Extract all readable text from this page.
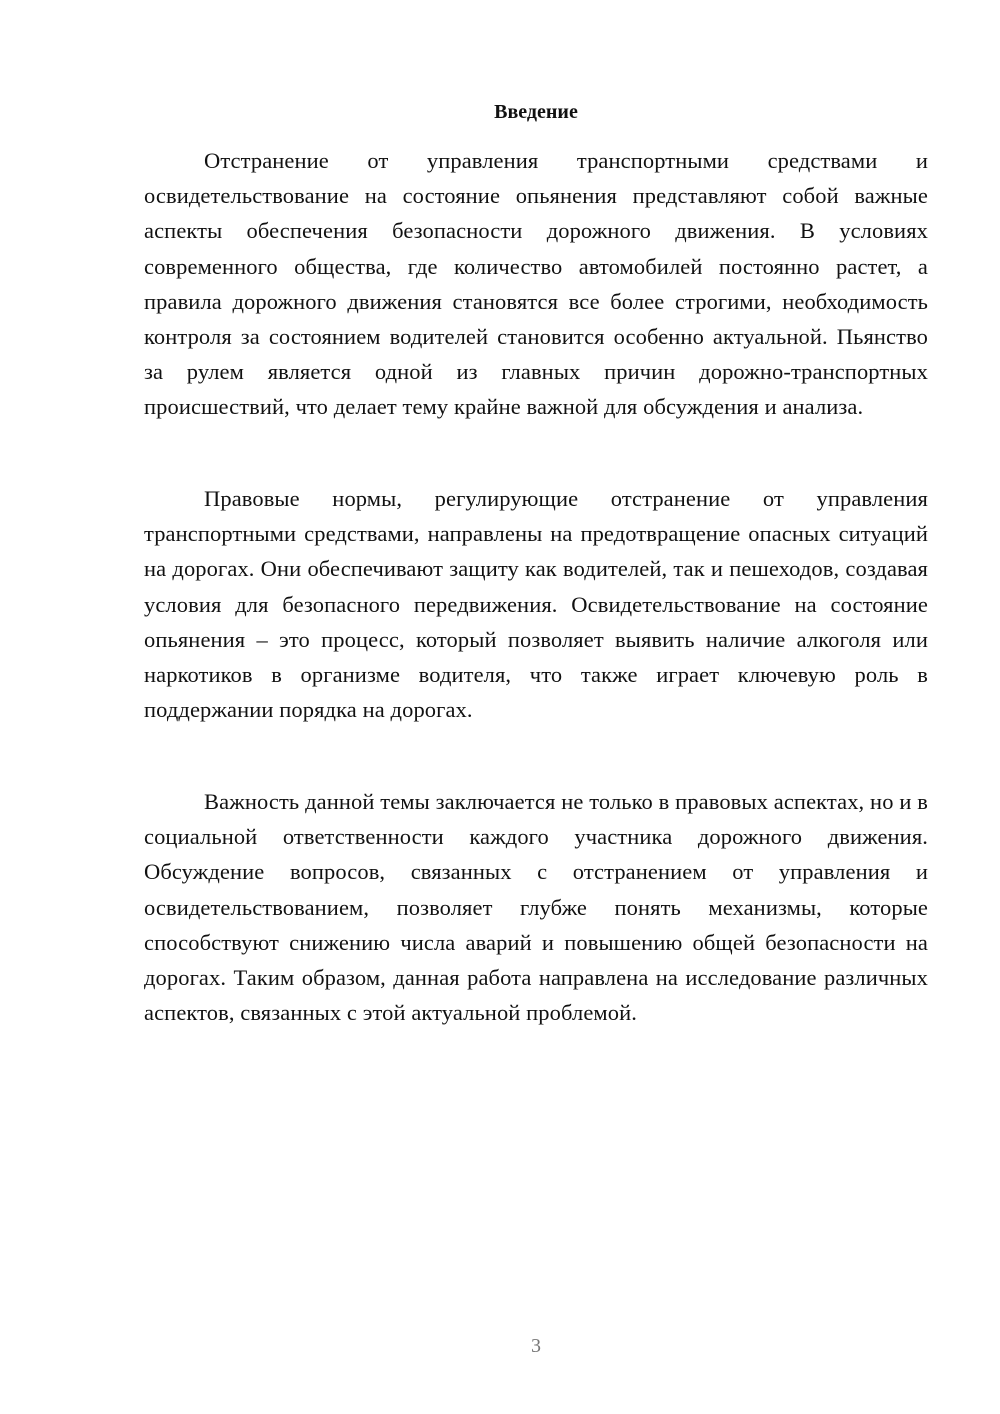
Введение

Отстранение от управления транспортными средствами и освидетельствование на состояние опьянения представляют собой важные аспекты обеспечения безопасности дорожного движения. В условиях современного общества, где количество автомобилей постоянно растет, а правила дорожного движения становятся все более строгими, необходимость контроля за состоянием водителей становится особенно актуальной. Пьянство за рулем является одной из главных причин дорожно-транспортных происшествий, что делает тему крайне важной для обсуждения и анализа.

Правовые нормы, регулирующие отстранение от управления транспортными средствами, направлены на предотвращение опасных ситуаций на дорогах. Они обеспечивают защиту как водителей, так и пешеходов, создавая условия для безопасного передвижения. Освидетельствование на состояние опьянения – это процесс, который позволяет выявить наличие алкоголя или наркотиков в организме водителя, что также играет ключевую роль в поддержании порядка на дорогах.

Важность данной темы заключается не только в правовых аспектах, но и в социальной ответственности каждого участника дорожного движения. Обсуждение вопросов, связанных с отстранением от управления и освидетельствованием, позволяет глубже понять механизмы, которые способствуют снижению числа аварий и повышению общей безопасности на дорогах. Таким образом, данная работа направлена на исследование различных аспектов, связанных с этой актуальной проблемой.

3
